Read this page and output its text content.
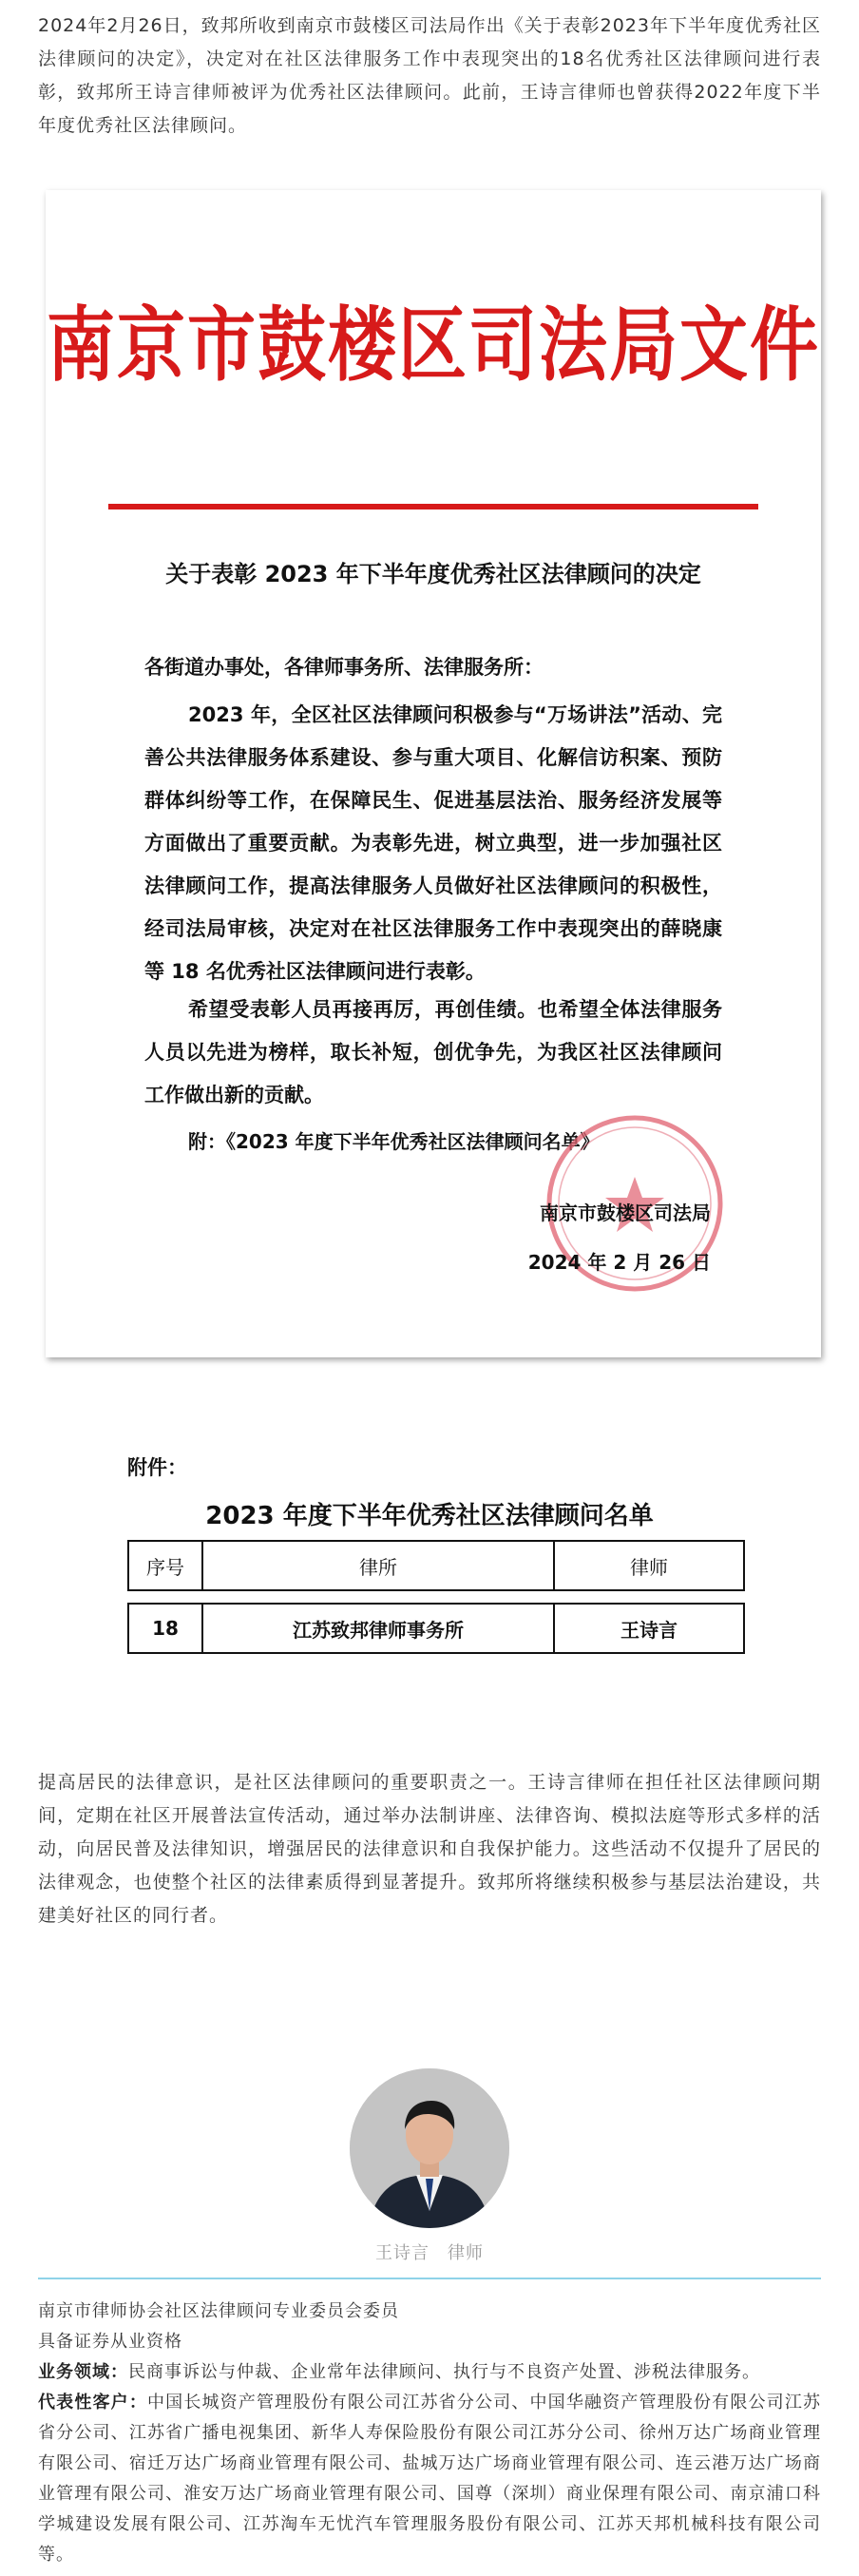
2024年2月26日，致邦所收到南京市鼓楼区司法局作出《关于表彰2023年下半年度优秀社区法律顾问的决定》，决定对在社区法律服务工作中表现突出的18名优秀社区法律顾问进行表彰，致邦所王诗言律师被评为优秀社区法律顾问。此前，王诗言律师也曾获得2022年度下半年度优秀社区法律顾问。

南京市鼓楼区司法局文件
关于表彰 2023 年下半年度优秀社区法律顾问的决定
各街道办事处，各律师事务所、法律服务所：
2023 年，全区社区法律顾问积极参与“万场讲法”活动、完善公共法律服务体系建设、参与重大项目、化解信访积案、预防群体纠纷等工作，在保障民生、促进基层法治、服务经济发展等方面做出了重要贡献。为表彰先进，树立典型，进一步加强社区法律顾问工作，提高法律服务人员做好社区法律顾问的积极性，经司法局审核，决定对在社区法律服务工作中表现突出的薛晓康等 18 名优秀社区法律顾问进行表彰。
希望受表彰人员再接再厉，再创佳绩。也希望全体法律服务人员以先进为榜样，取长补短，创优争先，为我区社区法律顾问工作做出新的贡献。
附：《2023 年度下半年优秀社区法律顾问名单》
南京市鼓楼区司法局
2024 年 2 月 26 日
附件：
2023 年度下半年优秀社区法律顾问名单
序号	律所	律师
18	江苏致邦律师事务所	王诗言

提高居民的法律意识，是社区法律顾问的重要职责之一。王诗言律师在担任社区法律顾问期间，定期在社区开展普法宣传活动，通过举办法制讲座、法律咨询、模拟法庭等形式多样的活动，向居民普及法律知识，增强居民的法律意识和自我保护能力。这些活动不仅提升了居民的法律观念，也使整个社区的法律素质得到显著提升。致邦所将继续积极参与基层法治建设，共建美好社区的同行者。

王诗言　律师
南京市律师协会社区法律顾问专业委员会委员
具备证券从业资格
业务领域：民商事诉讼与仲裁、企业常年法律顾问、执行与不良资产处置、涉税法律服务。
代表性客户：中国长城资产管理股份有限公司江苏省分公司、中国华融资产管理股份有限公司江苏省分公司、江苏省广播电视集团、新华人寿保险股份有限公司江苏分公司、徐州万达广场商业管理有限公司、宿迁万达广场商业管理有限公司、盐城万达广场商业管理有限公司、连云港万达广场商业管理有限公司、淮安万达广场商业管理有限公司、国尊（深圳）商业保理有限公司、南京浦口科学城建设发展有限公司、江苏淘车无忧汽车管理服务股份有限公司、江苏天邦机械科技有限公司等。
